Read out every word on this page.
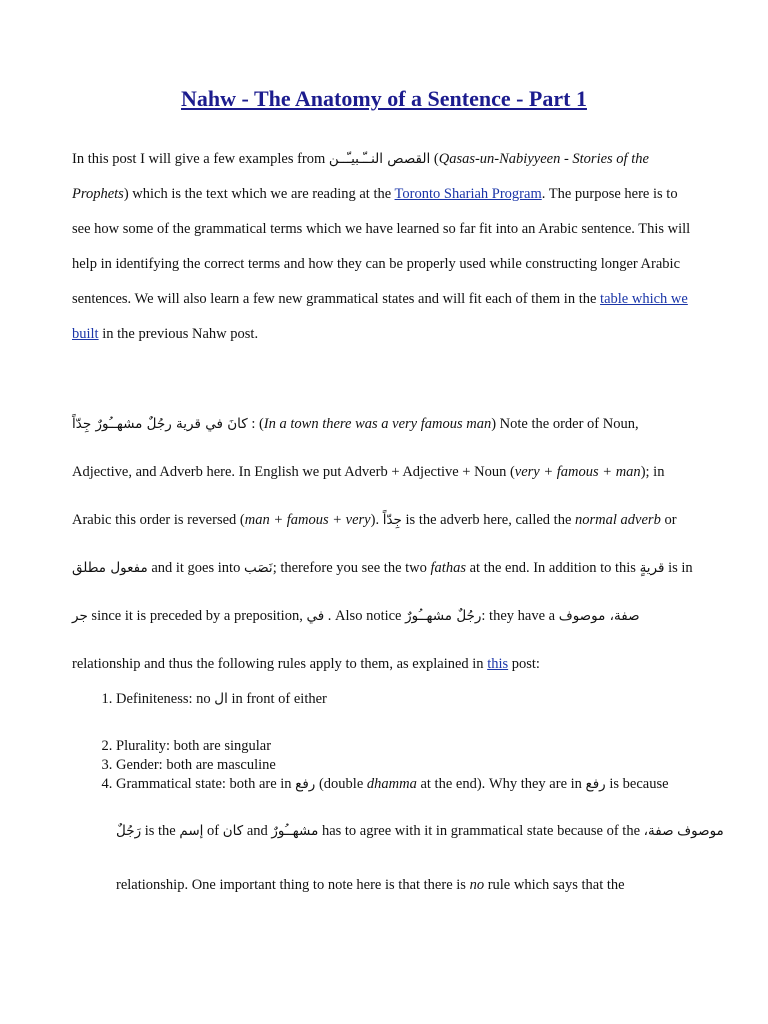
Nahw - The Anatomy of a Sentence - Part 1
In this post I will give a few examples from القصص النــّـبيـّــن (Qasas-un-Nabiyyeen - Stories of the Prophets) which is the text which we are reading at the Toronto Shariah Program. The purpose here is to see how some of the grammatical terms which we have learned so far fit into an Arabic sentence. This will help in identifying the correct terms and how they can be properly used while constructing longer Arabic sentences. We will also learn a few new grammatical states and will fit each of them in the table which we built in the previous Nahw post.
كانَ في قرية رجُلٌ مشهــُورٌ جِدّاً : (In a town there was a very famous man) Note the order of Noun, Adjective, and Adverb here. In English we put Adverb + Adjective + Noun (very + famous + man); in Arabic this order is reversed (man + famous + very). جِدّاً is the adverb here, called the normal adverb or مفعول مطلق and it goes into نَصَب; therefore you see the two fathas at the end. In addition to this قريةٍ is in جر since it is preceded by a preposition, في . Also notice رجُلٌ مشهــُورٌ: they have a صفة، موصوف relationship and thus the following rules apply to them, as explained in this post:
1. Definiteness: no ال in front of either
2. Plurality: both are singular
3. Gender: both are masculine
4. Grammatical state: both are in رفع (double dhamma at the end). Why they are in رفع is because
رَجُلٌ is the إسم of كان and مشهــُورٌ has to agree with it in grammatical state because of the صفة، موصوف relationship. One important thing to note here is that there is no rule which says that the
